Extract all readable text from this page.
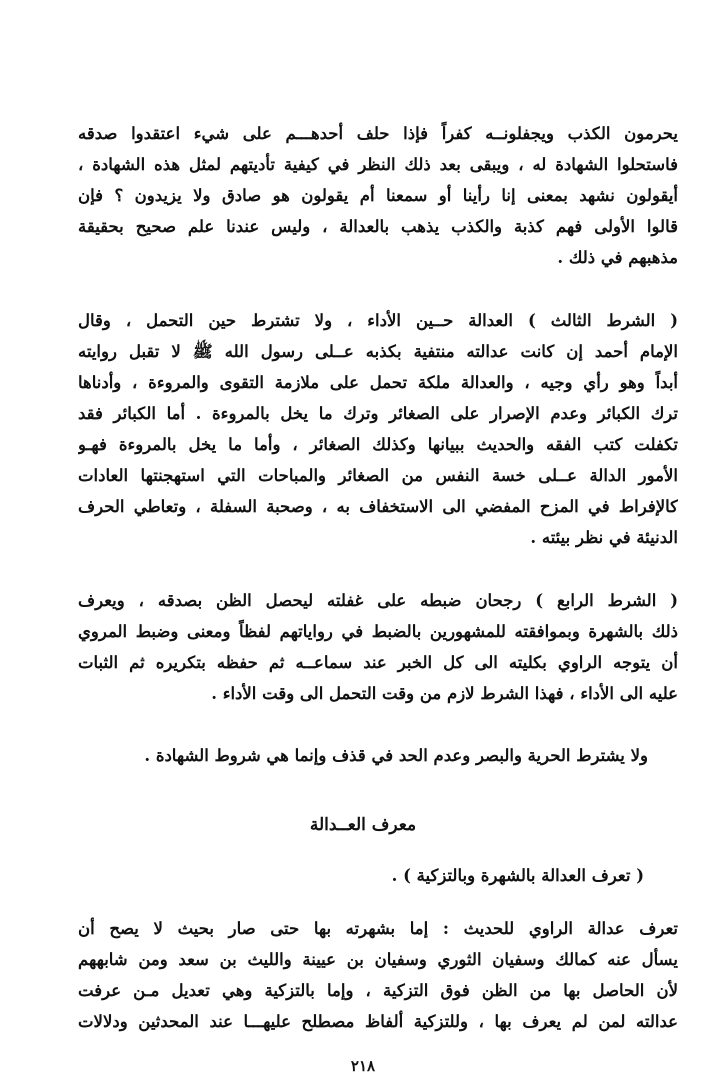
يحرمون الكذب ويجفلونــه كفراً فإذا حلف أحدهـــم على شيء اعتقدوا صدقه
فاستحلوا الشهادة له ، ويبقى بعد ذلك النظر في كيفية تأديتهم لمثل هذه الشهادة ،
أيقولون نشهد بمعنى إنا رأينا أو سمعنا أم يقولون هو صادق ولا يزيدون ؟ فإن
قالوا الأولى فهم كذبة والكذب يذهب بالعدالة ، وليس عندنا علم صحيح بحقيقة
مذهبهم في ذلك .
( الشرط الثالث ) العدالة حــين الأداء ، ولا تشترط حين التحمل ، وقال
الإمام أحمد إن كانت عدالته منتفية بكذبه عــلى رسول الله ﷺ لا تقبل روايته
أبداً وهو رأي وجيه ، والعدالة ملكة تحمل على ملازمة التقوى والمروءة ، وأدناها
ترك الكبائر وعدم الإصرار على الصغائر وترك ما يخل بالمروءة . أما الكبائر فقد
تكفلت كتب الفقه والحديث ببيانها وكذلك الصغائر ، وأما ما يخل بالمروءة فهـو
الأمور الدالة عــلى خسة النفس من الصغائر والمباحات التي استهجنتها العادات
كالإفراط في المزح المفضي الى الاستخفاف به ، وصحبة السفلة ، وتعاطي الحرف
الدنيئة في نظر بيئته .
( الشرط الرابع ) رجحان ضبطه على غفلته ليحصل الظن بصدقه ، ويعرف
ذلك بالشهرة وبموافقته للمشهورين بالضبط في رواياتهم لفظاً ومعنى وضبط المروي
أن يتوجه الراوي بكليته الى كل الخبر عند سماعــه ثم حفظه بتكريره ثم الثبات
عليه الى الأداء ، فهذا الشرط لازم من وقت التحمل الى وقت الأداء .
ولا يشترط الحرية والبصر وعدم الحد في قذف وإنما هي شروط الشهادة .
معرف العــدالة
( تعرف العدالة بالشهرة وبالتزكية ) .
تعرف عدالة الراوي للحديث : إما بشهرته بها حتى صار بحيث لا يصح أن
يسأل عنه كمالك وسفيان الثوري وسفيان بن عيينة والليث بن سعد ومن شابههم
لأن الحاصل بها من الظن فوق التزكية ، وإما بالتزكية وهي تعديل مـن عرفت
عدالته لمن لم يعرف بها ، وللتزكية ألفاظ مصطلح عليهـــا عند المحدثين ودلالات
٢١٨
